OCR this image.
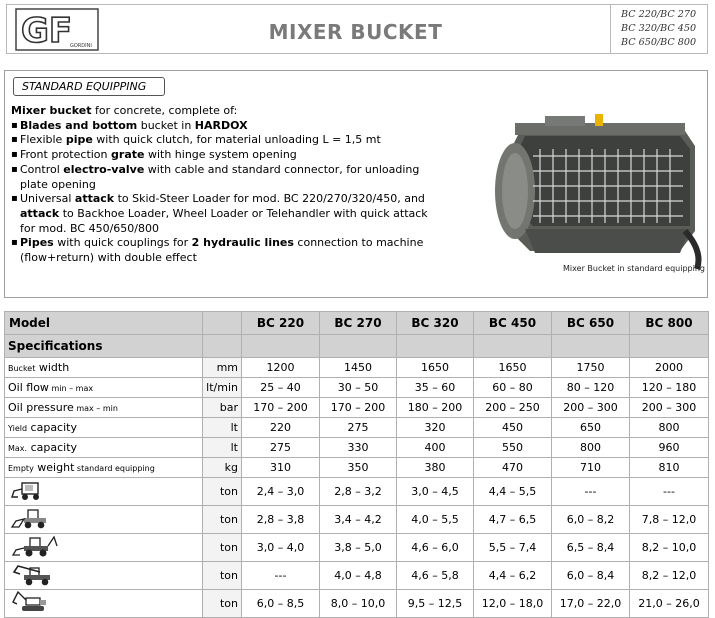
GF
GORDINI
MIXER BUCKET
BC 220/BC 270
BC 320/BC 450
BC 650/BC 800
STANDARD EQUIPPING

Mixer bucket for concrete, complete of:

▪ Blades and bottom bucket in HARDOX
▪ Flexible pipe with quick clutch, for material unloading L = 1,5 mt
▪ Front protection grate with hinge system opening
▪ Control electro-valve with cable and standard connector, for unloading plate opening
▪ Universal attack to Skid-Steer Loader for mod. BC 220/270/320/450, and attack to Backhoe Loader, Wheel Loader or Telehandler with quick attack for mod. BC 450/650/800
▪ Pipes with quick couplings for 2 hydraulic lines connection to machine (flow+return) with double effect
Mixer Bucket in standard equipping
Model		BC 220	BC 270	BC 320	BC 450	BC 650	BC 800
Specifications							
Bucket width	mm	1200	1450	1650	1650	1750	2000
Oil flow min – max	lt/min	25 – 40	30 – 50	35 – 60	60 – 80	80 – 120	120 – 180
Oil pressure max – min	bar	170 – 200	170 – 200	180 – 200	200 – 250	200 – 300	200 – 300
Yield capacity	lt	220	275	320	450	650	800
Max. capacity	lt	275	330	400	550	800	960
Empty weight standard equipping	kg	310	350	380	470	710	810

	ton	2,4 – 3,0	2,8 – 3,2	3,0 – 4,5	4,4 – 5,5	---	---

	ton	2,8 – 3,8	3,4 – 4,2	4,0 – 5,5	4,7 – 6,5	6,0 – 8,2	7,8 – 12,0

	ton	3,0 – 4,0	3,8 – 5,0	4,6 – 6,0	5,5 – 7,4	6,5 – 8,4	8,2 – 10,0

	ton	---	4,0 – 4,8	4,6 – 5,8	4,4 – 6,2	6,0 – 8,4	8,2 – 12,0

	ton	6,0 – 8,5	8,0 – 10,0	9,5 – 12,5	12,0 – 18,0	17,0 – 22,0	21,0 – 26,0
